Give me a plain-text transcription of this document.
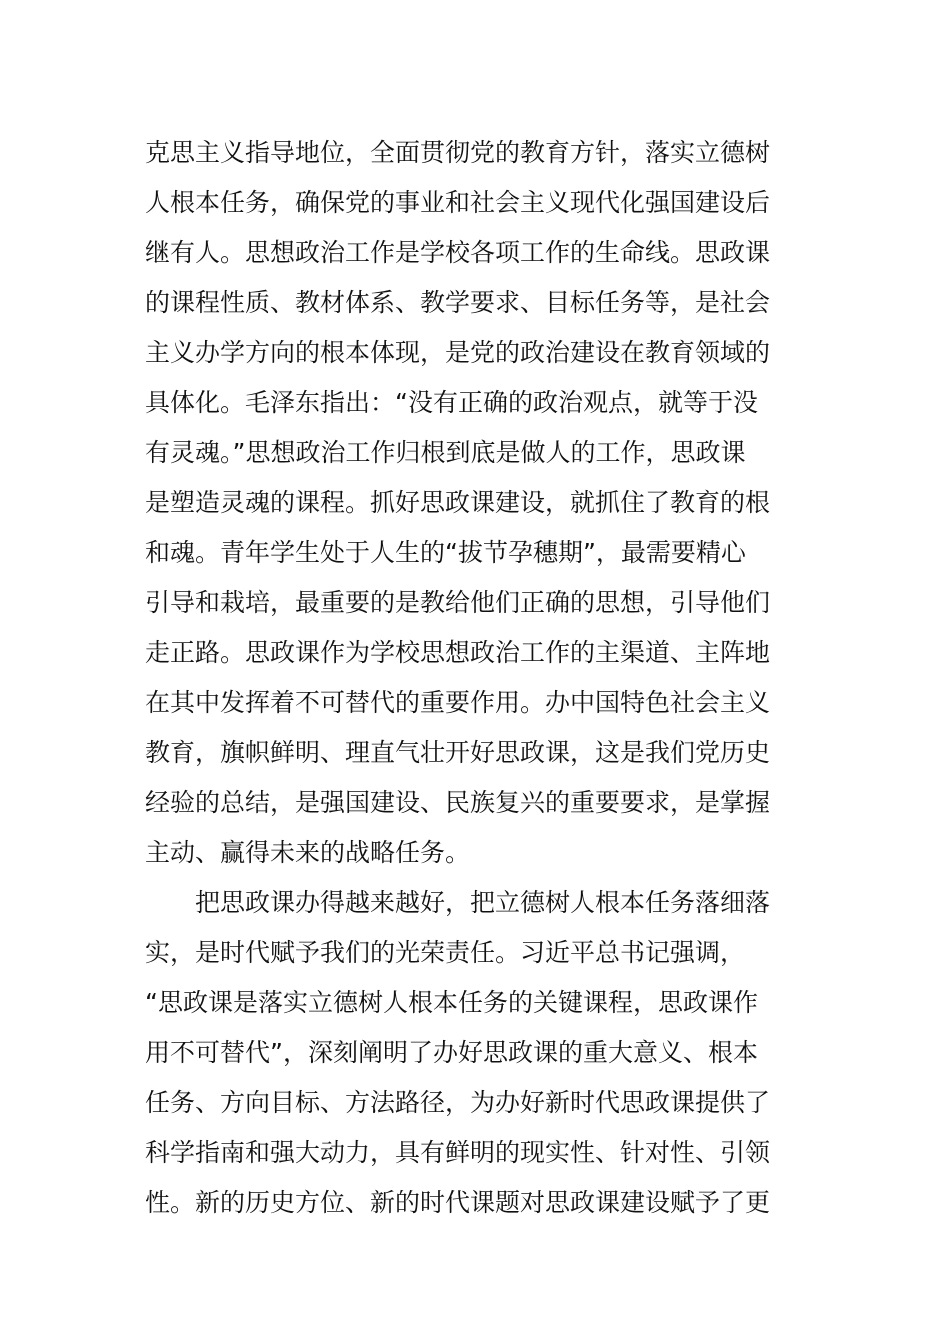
克思主义指导地位，全面贯彻党的教育方针，落实立德树
人根本任务，确保党的事业和社会主义现代化强国建设后
继有人。思想政治工作是学校各项工作的生命线。思政课
的课程性质、教材体系、教学要求、目标任务等，是社会
主义办学方向的根本体现，是党的政治建设在教育领域的
具体化。毛泽东指出：“没有正确的政治观点，就等于没
有灵魂。”思想政治工作归根到底是做人的工作，思政课
是塑造灵魂的课程。抓好思政课建设，就抓住了教育的根
和魂。青年学生处于人生的“拔节孕穗期”，最需要精心
引导和栽培，最重要的是教给他们正确的思想，引导他们
走正路。思政课作为学校思想政治工作的主渠道、主阵地
在其中发挥着不可替代的重要作用。办中国特色社会主义
教育，旗帜鲜明、理直气壮开好思政课，这是我们党历史
经验的总结，是强国建设、民族复兴的重要要求，是掌握
主动、赢得未来的战略任务。
把思政课办得越来越好，把立德树人根本任务落细落
实，是时代赋予我们的光荣责任。习近平总书记强调，
“思政课是落实立德树人根本任务的关键课程，思政课作
用不可替代”，深刻阐明了办好思政课的重大意义、根本
任务、方向目标、方法路径，为办好新时代思政课提供了
科学指南和强大动力，具有鲜明的现实性、针对性、引领
性。新的历史方位、新的时代课题对思政课建设赋予了更
